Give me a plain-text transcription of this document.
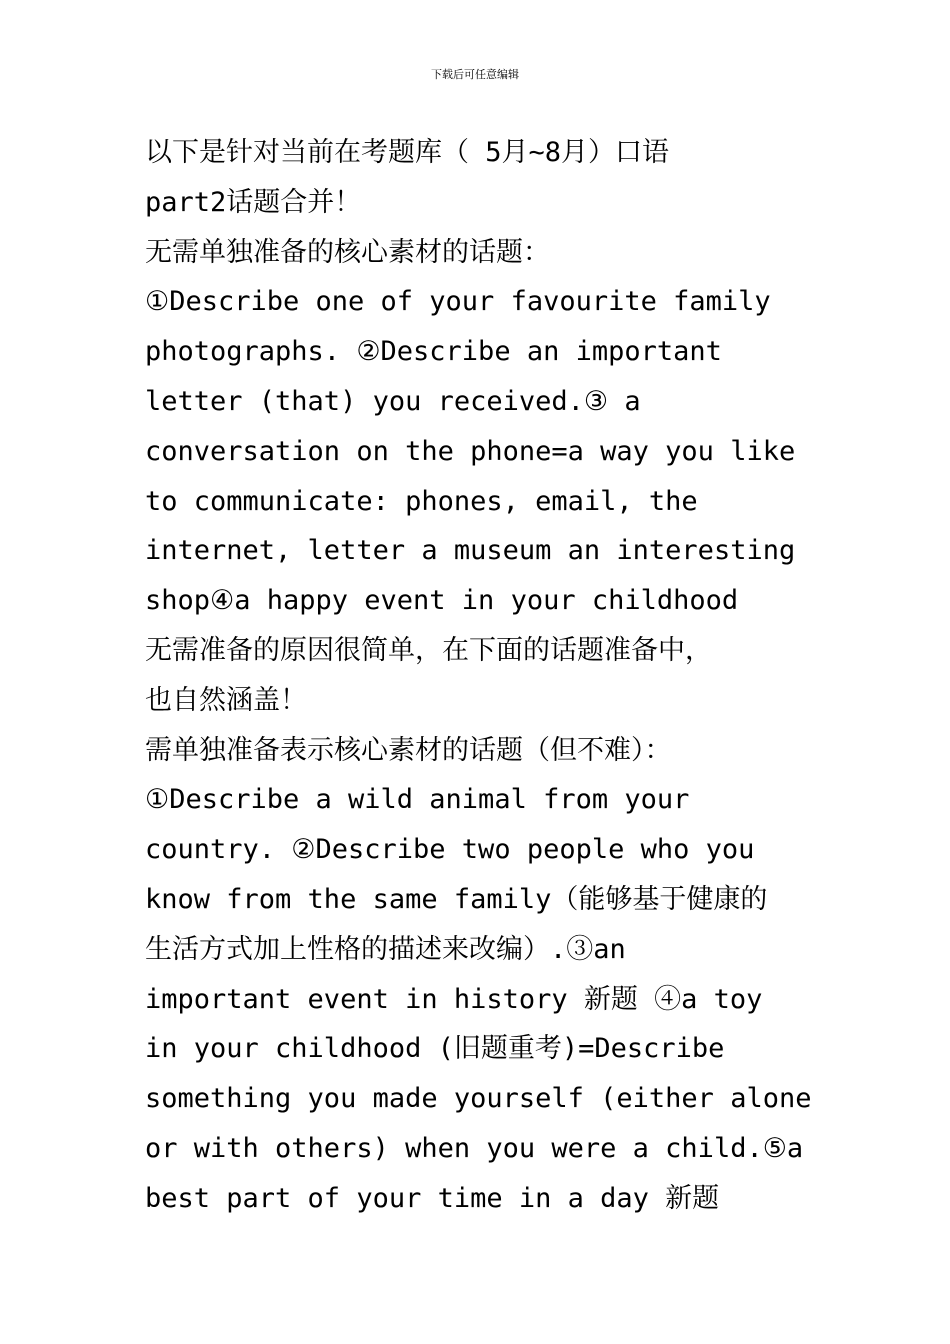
下载后可任意编辑
以下是针对当前在考题库（ 5月~8月）口语
part2话题合并！
无需单独准备的核心素材的话题：
①Describe one of your favourite family
photographs. ②Describe an important
letter (that) you received.③ a
conversation on the phone=a way you like
to communicate: phones, email, the
internet, letter a museum an interesting
shop④a happy event in your childhood
无需准备的原因很简单，在下面的话题准备中，
也自然涵盖！
需单独准备表示核心素材的话题（但不难）：
①Describe a wild animal from your
country. ②Describe two people who you
know from the same family（能够基于健康的
生活方式加上性格的描述来改编）.③an
important event in history 新题 ④a toy
in your childhood (旧题重考)=Describe
something you made yourself (either alone
or with others) when you were a child.⑤a
best part of your time in a day 新题
